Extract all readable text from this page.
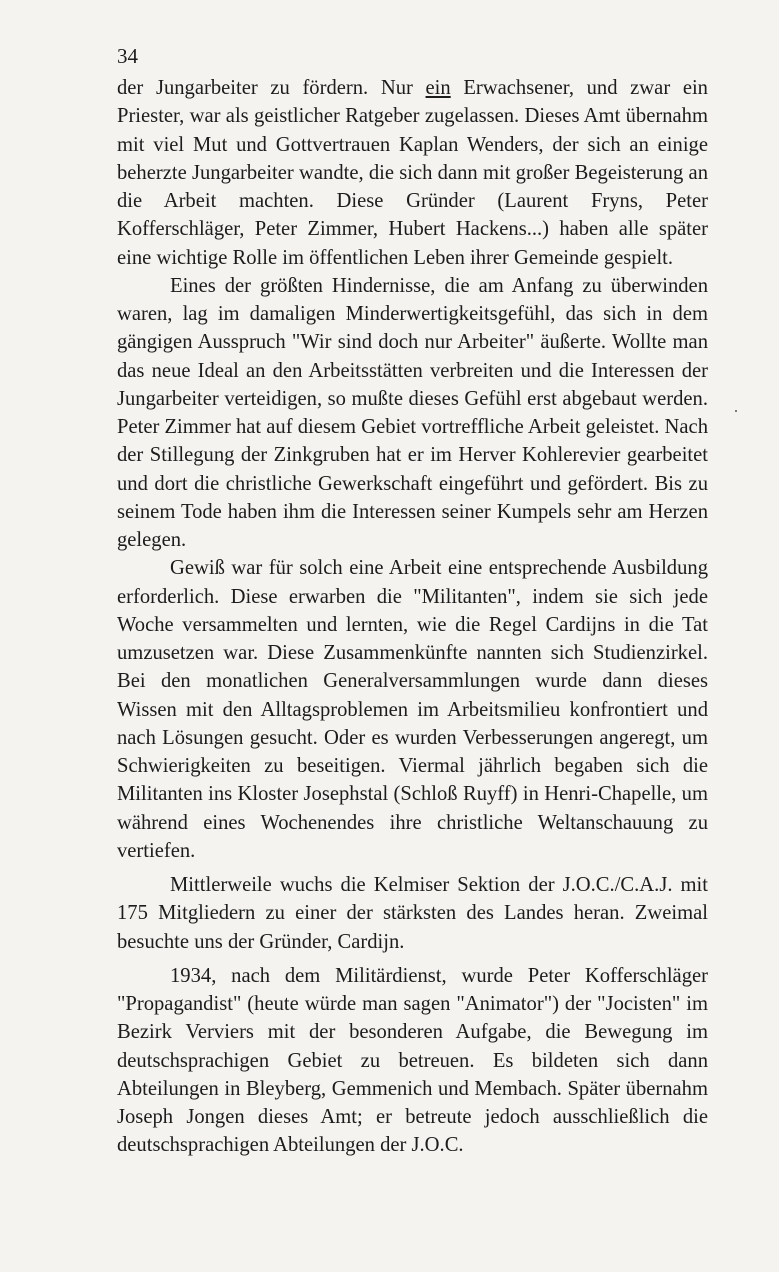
34

der Jungarbeiter zu fördern. Nur ein Erwachsener, und zwar ein Priester, war als geistlicher Ratgeber zugelassen. Dieses Amt übernahm mit viel Mut und Gottvertrauen Kaplan Wenders, der sich an einige beherzte Jungarbeiter wandte, die sich dann mit großer Begeisterung an die Arbeit machten. Diese Gründer (Laurent Fryns, Peter Kofferschläger, Peter Zimmer, Hubert Hackens...) haben alle später eine wichtige Rolle im öffentlichen Leben ihrer Gemeinde gespielt.

Eines der größten Hindernisse, die am Anfang zu überwinden waren, lag im damaligen Minderwertigkeitsgefühl, das sich in dem gängigen Ausspruch "Wir sind doch nur Arbeiter" äußerte. Wollte man das neue Ideal an den Arbeitsstätten verbreiten und die Interessen der Jungarbeiter verteidigen, so mußte dieses Gefühl erst abgebaut werden. Peter Zimmer hat auf diesem Gebiet vortreffliche Arbeit geleistet. Nach der Stillegung der Zinkgruben hat er im Herver Kohlerevier gearbeitet und dort die christliche Gewerkschaft eingeführt und gefördert. Bis zu seinem Tode haben ihm die Interessen seiner Kumpels sehr am Herzen gelegen.

Gewiß war für solch eine Arbeit eine entsprechende Ausbildung erforderlich. Diese erwarben die "Militanten", indem sie sich jede Woche versammelten und lernten, wie die Regel Cardijns in die Tat umzusetzen war. Diese Zusammenkünfte nannten sich Studienzirkel. Bei den monatlichen Generalversammlungen wurde dann dieses Wissen mit den Alltagsproblemen im Arbeitsmilieu konfrontiert und nach Lösungen gesucht. Oder es wurden Verbesserungen angeregt, um Schwierigkeiten zu beseitigen. Viermal jährlich begaben sich die Militanten ins Kloster Josephstal (Schloß Ruyff) in Henri-Chapelle, um während eines Wochenendes ihre christliche Weltanschauung zu vertiefen.

Mittlerweile wuchs die Kelmiser Sektion der J.O.C./C.A.J. mit 175 Mitgliedern zu einer der stärksten des Landes heran. Zweimal besuchte uns der Gründer, Cardijn.

1934, nach dem Militärdienst, wurde Peter Kofferschläger "Propagandist" (heute würde man sagen "Animator") der "Jocisten" im Bezirk Verviers mit der besonderen Aufgabe, die Bewegung im deutschsprachigen Gebiet zu betreuen. Es bildeten sich dann Abteilungen in Bleyberg, Gemmenich und Membach. Später übernahm Joseph Jongen dieses Amt; er betreute jedoch ausschließlich die deutschsprachigen Abteilungen der J.O.C.
